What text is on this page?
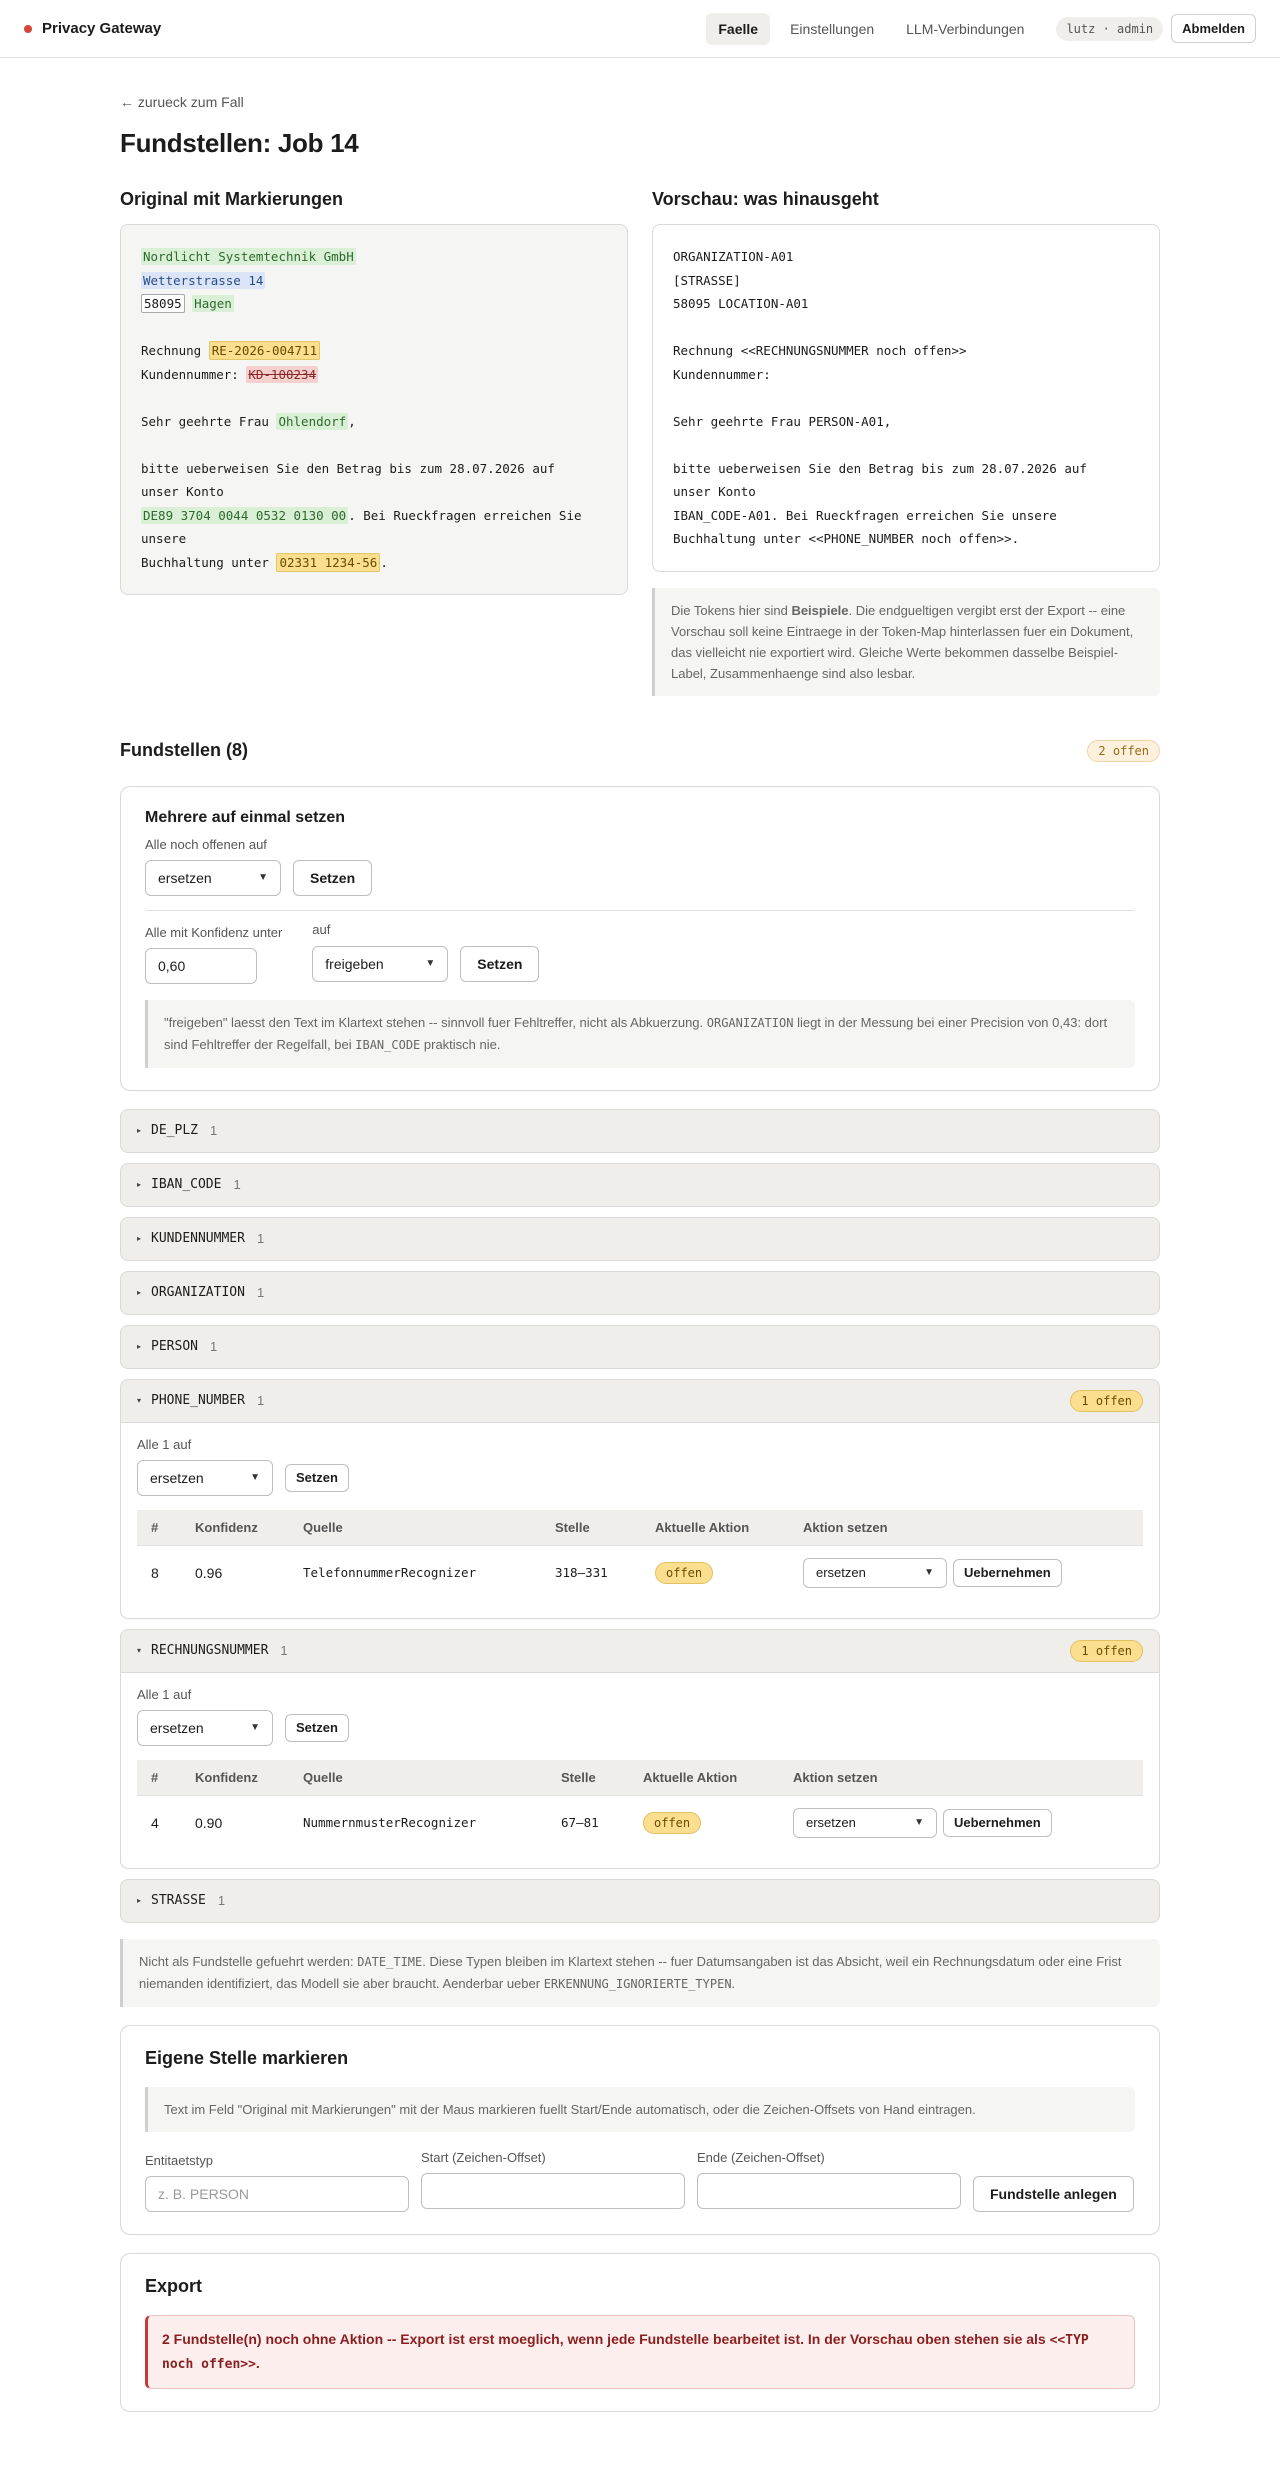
Privacy Gateway	Faelle	Einstellungen	LLM-Verbindungen	lutz · admin	Abmelden
← zurueck zum Fall
Fundstellen: Job 14
Original mit Markierungen
Nordlicht Systemtechnik GmbH
Wetterstrasse 14
58095 Hagen

Rechnung RE-2026-004711
Kundennummer: KD-100234

Sehr geehrte Frau Ohlendorf ,

bitte ueberweisen Sie den Betrag bis zum 28.07.2026 auf
unser Konto
DE89 3704 0044 0532 0130 00 . Bei Rueckfragen erreichen Sie
unsere
Buchhaltung unter 02331 1234-56 .
Vorschau: was hinausgeht
ORGANIZATION-A01
[STRASSE]
58095 LOCATION-A01

Rechnung <<RECHNUNGSNUMMER noch offen>>
Kundennummer:

Sehr geehrte Frau PERSON-A01,

bitte ueberweisen Sie den Betrag bis zum 28.07.2026 auf
unser Konto
IBAN_CODE-A01. Bei Rueckfragen erreichen Sie unsere
Buchhaltung unter <<PHONE_NUMBER noch offen>>.
Die Tokens hier sind Beispiele. Die endgueltigen vergibt erst der Export -- eine Vorschau soll keine Eintraege in der Token-Map hinterlassen fuer ein Dokument, das vielleicht nie exportiert wird. Gleiche Werte bekommen dasselbe Beispiel-Label, Zusammenhaenge sind also lesbar.
Fundstellen (8)	2 offen
Mehrere auf einmal setzen
Alle noch offenen auf
ersetzen	▼	Setzen
Alle mit Konfidenz unter
0,60
auf
freigeben	▼	Setzen
"freigeben" laesst den Text im Klartext stehen -- sinnvoll fuer Fehltreffer, nicht als Abkuerzung. ORGANIZATION liegt in der Messung bei einer Precision von 0,43: dort sind Fehltreffer der Regelfall, bei IBAN_CODE praktisch nie.
▸ DE_PLZ 1
▸ IBAN_CODE 1
▸ KUNDENNUMMER 1
▸ ORGANIZATION 1
▸ PERSON 1
▾ PHONE_NUMBER 1	1 offen
Alle 1 auf
ersetzen	▼	Setzen
#	Konfidenz	Quelle	Stelle	Aktuelle Aktion	Aktion setzen
8	0.96	TelefonnummerRecognizer	318–331	offen	ersetzen ▼ Uebernehmen
▾ RECHNUNGSNUMMER 1	1 offen
Alle 1 auf
ersetzen	▼	Setzen
#	Konfidenz	Quelle	Stelle	Aktuelle Aktion	Aktion setzen
4	0.90	NummernmusterRecognizer	67–81	offen	ersetzen ▼ Uebernehmen
▸ STRASSE 1
Nicht als Fundstelle gefuehrt werden: DATE_TIME. Diese Typen bleiben im Klartext stehen -- fuer Datumsangaben ist das Absicht, weil ein Rechnungsdatum oder eine Frist niemanden identifiziert, das Modell sie aber braucht. Aenderbar ueber ERKENNUNG_IGNORIERTE_TYPEN.
Eigene Stelle markieren
Text im Feld "Original mit Markierungen" mit der Maus markieren fuellt Start/Ende automatisch, oder die Zeichen-Offsets von Hand eintragen.
Entitaetstyp
z. B. PERSON
Start (Zeichen-Offset)	Ende (Zeichen-Offset)
Fundstelle anlegen
Export
2 Fundstelle(n) noch ohne Aktion -- Export ist erst moeglich, wenn jede Fundstelle bearbeitet ist. In der Vorschau oben stehen sie als <<TYP noch offen>>.
